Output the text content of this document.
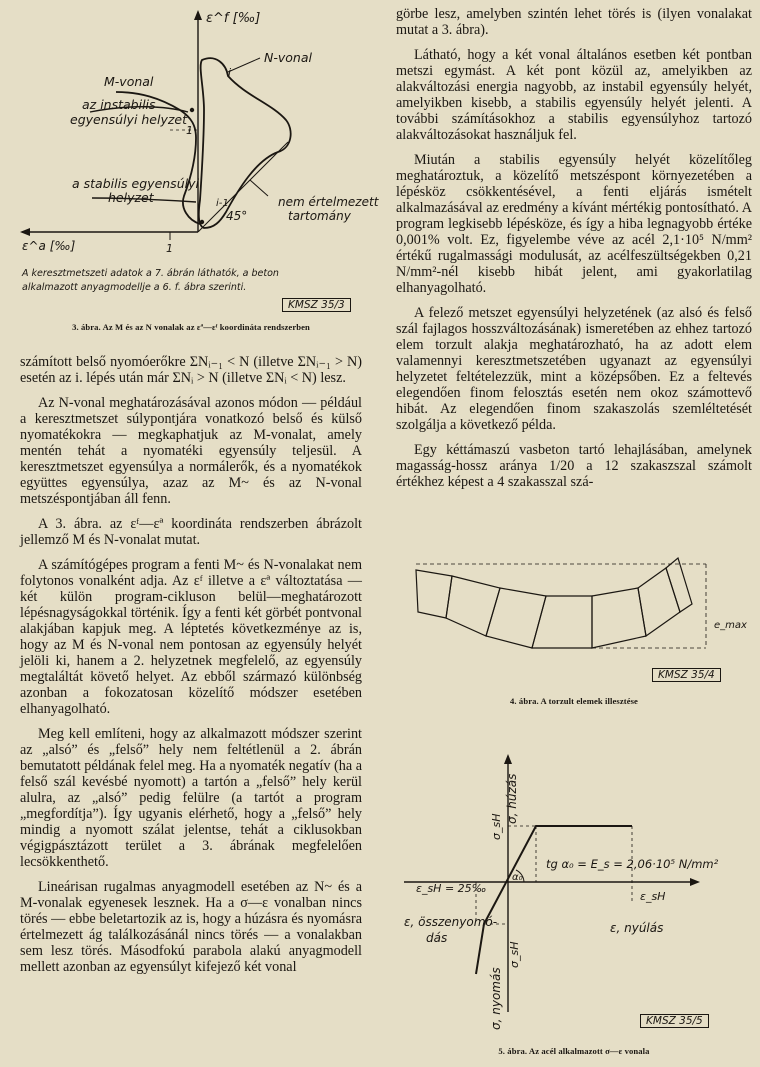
ε^f [‰]
ε^a [‰]
N-vonal
M-vonal
az instabilis
egyensúlyi helyzet
a stabilis egyensúlyi
helyzet	nem értelmezett
tartomány
45°
1
1
i
i-1
A keresztmetszeti adatok a 7. ábrán láthatók, a beton
alkalmazott anyagmodellje a 6. f. ábra szerinti.
KMSZ 35/3
3. ábra. Az M és az N vonalak az εª—εᶠ koordináta rendszerben

számított belső nyomóerőkre ΣNᵢ₋₁ < N (illetve ΣNᵢ₋₁ > N) esetén az i. lépés után már ΣNᵢ > N (illetve ΣNᵢ < N) lesz.

Az N-vonal meghatározásával azonos módon — például a keresztmetszet súlypontjára vonatkozó belső és külső nyomatékokra — megkaphatjuk az M-vonalat, amely mentén tehát a nyomatéki egyensúly teljesül. A keresztmetszet egyensúlya a normálerők, és a nyomatékok együttes egyensúlya, azaz az M~ és az N-vonal metszéspontjában áll fenn.

A 3. ábra. az εᶠ—εª koordináta rendszerben ábrázolt jellemző M és N-vonalat mutat.

A számítógépes program a fenti M~ és N-vonalakat nem folytonos vonalként adja. Az εᶠ illetve a εª változtatása — két külön program-cikluson belül—meghatározott lépésnagyságokkal történik. Így a fenti két görbét pontvonal alakjában kapjuk meg. A léptetés következménye az is, hogy az M és N-vonal nem pontosan az egyensúly helyét jelöli ki, hanem a 2. helyzetnek megfelelő, az egyensúly megtaláltát követő helyet. Az ebből származó különbség azonban a fokozatosan közelítő módszer esetében elhanyagolható.

Meg kell említeni, hogy az alkalmazott módszer szerint az „alsó” és „felső” hely nem feltétlenül a 2. ábrán bemutatott példának felel meg. Ha a nyomaték negatív (ha a felső szál kevésbé nyomott) a tartón a „felső” hely kerül alulra, az „alsó” pedig felülre (a tartót a program „megfordítja”). Így ugyanis elérhető, hogy a „felső” hely mindig a nyomott szálat jelentse, tehát a ciklusokban végigpásztázott terület a 3. ábrának megfelelően lecsökkenthető.

Lineárisan rugalmas anyagmodell esetében az N~ és a M-vonalak egyenesek lesznek. Ha a σ—ε vonalban nincs törés — ebbe beletartozik az is, hogy a húzásra és nyomásra értelmezett ág találkozásánál nincs törés — a vonalakban sem lesz törés. Másodfokú parabola alakú anyagmodell mellett azonban az egyensúlyt kifejező két vonal

görbe lesz, amelyben szintén lehet törés is (ilyen vonalakat mutat a 3. ábra).

Látható, hogy a két vonal általános esetben két pontban metszi egymást. A két pont közül az, amelyikben az alakváltozási energia nagyobb, az instabil egyensúly helyét, amelyikben kisebb, a stabilis egyensúly helyét jelenti. A további számításokhoz a stabilis egyensúlyhoz tartozó alakváltozásokat használjuk fel.

Miután a stabilis egyensúly helyét közelítőleg meghatároztuk, a közelítő metszéspont környezetében a lépésköz csökkentésével, a fenti eljárás ismételt alkalmazásával az eredmény a kívánt mértékig pontosítható. A program legkisebb lépésköze, és így a hiba legnagyobb értéke 0,001% volt. Ez, figyelembe véve az acél 2,1·10⁵ N/mm² értékű rugalmassági modulusát, az acélfeszültségekben 0,21 N/mm²-nél kisebb hibát jelent, ami gyakorlatilag elhanyagolható.

A felező metszet egyensúlyi helyzetének (az alsó és felső szál fajlagos hosszváltozásának) ismeretében az ehhez tartozó elem torzult alakja meghatározható, ha az adott elem valamennyi keresztmetszetében ugyanazt az egyensúlyi helyzetet feltételezzük, mint a középsőben. Ez a feltevés elegendően finom felosztás esetén nem okoz számottevő hibát. Az elegendően finom szakaszolás szemléltetését szolgálja a következő példa.

Egy kéttámaszú vasbeton tartó lehajlásában, amelynek magasság-hossz aránya 1/20 a 12 szakaszszal számolt értékhez képest a 4 szakasszal szá-

e_max
KMSZ 35/4
4. ábra. A torzult elemek illesztése
σ, húzás
σ, nyomás
ε, nyúlás
ε, összenyomó-
dás
σ_sH
σ_sH
ε_sH
ε_sH = 25‰
tg α₀ = E_s = 2,06·10⁵ N/mm²
α₀
KMSZ 35/5
5. ábra. Az acél alkalmazott σ—ε vonala
